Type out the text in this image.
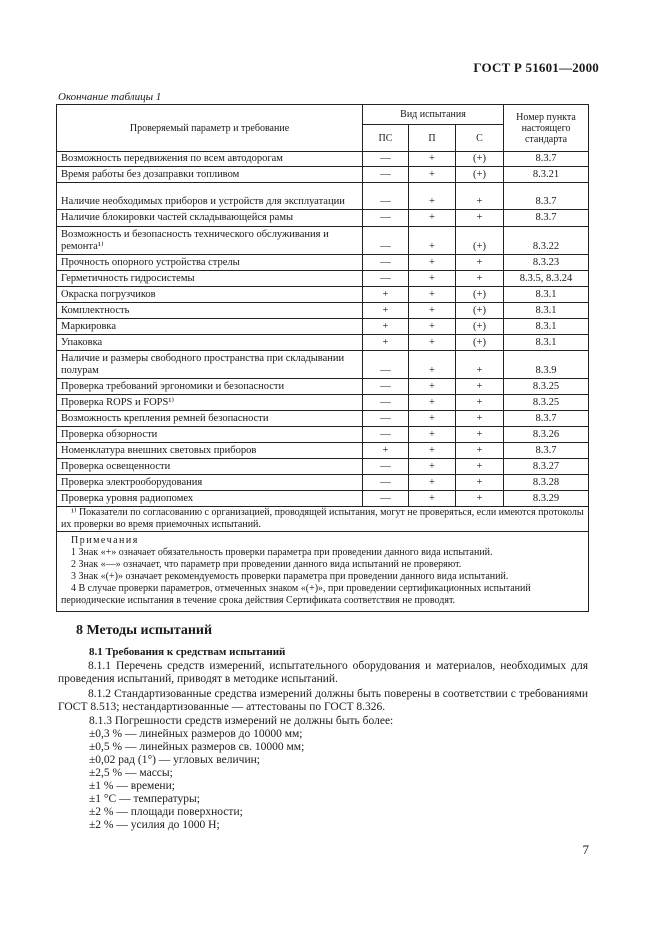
ГОСТ Р 51601—2000
Окончание таблицы 1
Проверяемый параметр и требование	Вид испытания			Номер пункта настоящего стандарта
	ПС	П	С	
Возможность передвижения по всем автодорогам	—	+	(+)	8.3.7
Время работы без дозаправки топливом	—	+	(+)	8.3.21
Наличие необходимых приборов и устройств для эксплуатации	—	+	+	8.3.7
Наличие блокировки частей складывающейся рамы	—	+	+	8.3.7
Возможность и безопасность технического обслуживания и ремонта¹⁾	—	+	(+)	8.3.22
Прочность опорного устройства стрелы	—	+	+	8.3.23
Герметичность гидросистемы	—	+	+	8.3.5, 8.3.24
Окраска погрузчиков	+	+	(+)	8.3.1
Комплектность	+	+	(+)	8.3.1
Маркировка	+	+	(+)	8.3.1
Упаковка	+	+	(+)	8.3.1
Наличие и размеры свободного пространства при складывании полурам	—	+	+	8.3.9
Проверка требований эргономики и безопасности	—	+	+	8.3.25
Проверка ROPS и FOPS¹⁾	—	+	+	8.3.25
Возможность крепления ремней безопасности	—	+	+	8.3.7
Проверка обзорности	—	+	+	8.3.26
Номенклатура внешних световых приборов	+	+	+	8.3.7
Проверка освещенности	—	+	+	8.3.27
Проверка электрооборудования	—	+	+	8.3.28
Проверка уровня радиопомех	—	+	+	8.3.29

¹⁾ Показатели по согласованию с организацией, проводящей испытания, могут не проверяться, если имеются протоколы их проверки во время приемочных испытаний.				

Примечания

1 Знак «+» означает обязательность проверки параметра при проведении данного вида испытаний.

2 Знак «—» означает, что параметр при проведении данного вида испытаний не проверяют.

3 Знак «(+)» означает рекомендуемость проверки параметра при проведении данного вида испытаний.

4 В случае проверки параметров, отмеченных знаком «(+)», при проведении сертификационных испытаний периодические испытания в течение срока действия Сертификата соответствия не проводят.				

8 Методы испытаний
8.1 Требования к средствам испытаний

8.1.1 Перечень средств измерений, испытательного оборудования и материалов, необходимых для проведения испытаний, приводят в методике испытаний.

8.1.2 Стандартизованные средства измерений должны быть поверены в соответствии с требованиями ГОСТ 8.513; нестандартизованные — аттестованы по ГОСТ 8.326.

8.1.3 Погрешности средств измерений не должны быть более:
±0,3 % — линейных размеров до 10000 мм;
±0,5 % — линейных размеров св. 10000 мм;
±0,02 рад (1°) — угловых величин;
±2,5 % — массы;
±1 % — времени;
±1 °С — температуры;
±2 % — площади поверхности;
±2 % — усилия до 1000 Н;
7
